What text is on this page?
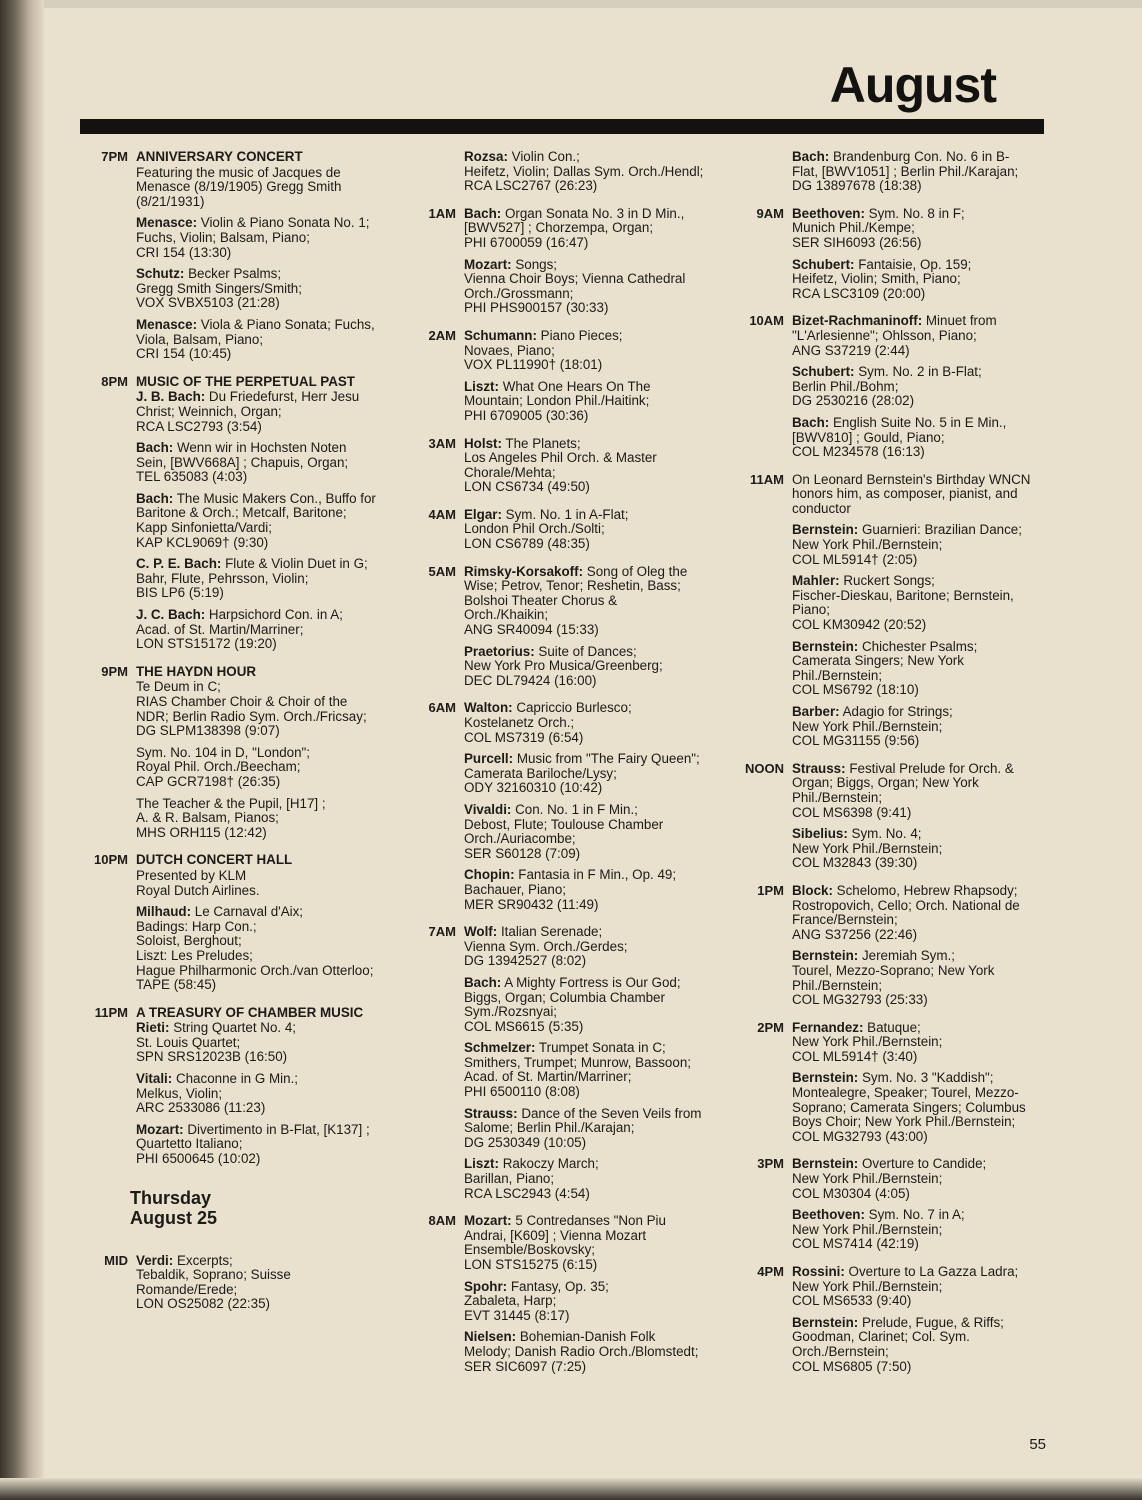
August
7PM ANNIVERSARY CONCERT
Featuring the music of Jacques de Menasce (8/19/1905) Gregg Smith (8/21/1931)
Menasce: Violin & Piano Sonata No. 1; Fuchs, Violin; Balsam, Piano;
CRI 154 (13:30)
Schutz: Becker Psalms;
Gregg Smith Singers/Smith;
VOX SVBX5103 (21:28)
Menasce: Viola & Piano Sonata; Fuchs, Viola, Balsam, Piano;
CRI 154 (10:45)
8PM MUSIC OF THE PERPETUAL PAST
J. B. Bach: Du Friedefurst, Herr Jesu Christ; Weinnich, Organ;
RCA LSC2793 (3:54)
Bach: Wenn wir in Hochsten Noten Sein, [BWV668A] ; Chapuis, Organ;
TEL 635083 (4:03)
Bach: The Music Makers Con., Buffo for Baritone & Orch.; Metcalf, Baritone; Kapp Sinfonietta/Vardi;
KAP KCL9069† (9:30)
C. P. E. Bach: Flute & Violin Duet in G; Bahr, Flute, Pehrsson, Violin;
BIS LP6 (5:19)
J. C. Bach: Harpsichord Con. in A; Acad. of St. Martin/Marriner;
LON STS15172 (19:20)
9PM THE HAYDN HOUR
Te Deum in C;
RIAS Chamber Choir & Choir of the NDR; Berlin Radio Sym. Orch./Fricsay;
DG SLPM138398 (9:07)
Sym. No. 104 in D, "London";
Royal Phil. Orch./Beecham;
CAP GCR7198† (26:35)
The Teacher & the Pupil, [H17] ;
A. & R. Balsam, Pianos;
MHS ORH115 (12:42)
10PM DUTCH CONCERT HALL
Presented by KLM
Royal Dutch Airlines.
Milhaud: Le Carnaval d'Aix;
Badings: Harp Con.;
Soloist, Berghout;
Liszt: Les Preludes;
Hague Philharmonic Orch./van Otterloo;
TAPE (58:45)
11PM A TREASURY OF CHAMBER MUSIC
Rieti: String Quartet No. 4;
St. Louis Quartet;
SPN SRS12023B (16:50)
Vitali: Chaconne in G Min.;
Melkus, Violin;
ARC 2533086 (11:23)
Mozart: Divertimento in B-Flat, [K137] ; Quartetto Italiano;
PHI 6500645 (10:02)
Thursday
August 25
MID Verdi: Excerpts;
Tebaldik, Soprano; Suisse Romande/Erede;
LON OS25082 (22:35)
Rozsa: Violin Con.;
Heifetz, Violin; Dallas Sym. Orch./Hendl;
RCA LSC2767 (26:23)
1AM Bach: Organ Sonata No. 3 in D Min., [BWV527] ; Chorzempa, Organ;
PHI 6700059 (16:47)
Mozart: Songs;
Vienna Choir Boys; Vienna Cathedral Orch./Grossmann;
PHI PHS900157 (30:33)
2AM Schumann: Piano Pieces;
Novaes, Piano;
VOX PL11990† (18:01)
Liszt: What One Hears On The Mountain; London Phil./Haitink;
PHI 6709005 (30:36)
3AM Holst: The Planets;
Los Angeles Phil Orch. & Master Chorale/Mehta;
LON CS6734 (49:50)
4AM Elgar: Sym. No. 1 in A-Flat;
London Phil Orch./Solti;
LON CS6789 (48:35)
5AM Rimsky-Korsakoff: Song of Oleg the Wise; Petrov, Tenor; Reshetin, Bass; Bolshoi Theater Chorus & Orch./Khaikin;
ANG SR40094 (15:33)
Praetorius: Suite of Dances;
New York Pro Musica/Greenberg;
DEC DL79424 (16:00)
6AM Walton: Capriccio Burlesco;
Kostelanetz Orch.;
COL MS7319 (6:54)
Purcell: Music from "The Fairy Queen"; Camerata Bariloche/Lysy;
ODY 32160310 (10:42)
Vivaldi: Con. No. 1 in F Min.;
Debost, Flute; Toulouse Chamber Orch./Auriacombe;
SER S60128 (7:09)
Chopin: Fantasia in F Min., Op. 49;
Bachauer, Piano;
MER SR90432 (11:49)
7AM Wolf: Italian Serenade;
Vienna Sym. Orch./Gerdes;
DG 13942527 (8:02)
Bach: A Mighty Fortress is Our God; Biggs, Organ; Columbia Chamber Sym./Rozsnyai;
COL MS6615 (5:35)
Schmelzer: Trumpet Sonata in C;
Smithers, Trumpet; Munrow, Bassoon; Acad. of St. Martin/Marriner;
PHI 6500110 (8:08)
Strauss: Dance of the Seven Veils from Salome; Berlin Phil./Karajan;
DG 2530349 (10:05)
Liszt: Rakoczy March;
Barillan, Piano;
RCA LSC2943 (4:54)
8AM Mozart: 5 Contredanses "Non Piu Andrai, [K609] ; Vienna Mozart Ensemble/Boskovsky;
LON STS15275 (6:15)
Spohr: Fantasy, Op. 35;
Zabaleta, Harp;
EVT 31445 (8:17)
Nielsen: Bohemian-Danish Folk Melody; Danish Radio Orch./Blomstedt;
SER SIC6097 (7:25)
Bach: Brandenburg Con. No. 6 in B-Flat, [BWV1051] ; Berlin Phil./Karajan;
DG 13897678 (18:38)
9AM Beethoven: Sym. No. 8 in F;
Munich Phil./Kempe;
SER SIH6093 (26:56)
Schubert: Fantaisie, Op. 159;
Heifetz, Violin; Smith, Piano;
RCA LSC3109 (20:00)
10AM Bizet-Rachmaninoff: Minuet from "L'Arlesienne"; Ohlsson, Piano;
ANG S37219 (2:44)
Schubert: Sym. No. 2 in B-Flat;
Berlin Phil./Bohm;
DG 2530216 (28:02)
Bach: English Suite No. 5 in E Min., [BWV810] ; Gould, Piano;
COL M234578 (16:13)
11AM On Leonard Bernstein's Birthday WNCN honors him, as composer, pianist, and conductor
Bernstein: Guarnieri: Brazilian Dance; New York Phil./Bernstein;
COL ML5914† (2:05)
Mahler: Ruckert Songs;
Fischer-Dieskau, Baritone; Bernstein, Piano;
COL KM30942 (20:52)
Bernstein: Chichester Psalms;
Camerata Singers; New York Phil./Bernstein;
COL MS6792 (18:10)
Barber: Adagio for Strings;
New York Phil./Bernstein;
COL MG31155 (9:56)
NOON Strauss: Festival Prelude for Orch. & Organ; Biggs, Organ; New York Phil./Bernstein;
COL MS6398 (9:41)
Sibelius: Sym. No. 4;
New York Phil./Bernstein;
COL M32843 (39:30)
1PM Block: Schelomo, Hebrew Rhapsody; Rostropovich, Cello; Orch. National de France/Bernstein;
ANG S37256 (22:46)
Bernstein: Jeremiah Sym.;
Tourel, Mezzo-Soprano; New York Phil./Bernstein;
COL MG32793 (25:33)
2PM Fernandez: Batuque;
New York Phil./Bernstein;
COL ML5914† (3:40)
Bernstein: Sym. No. 3 "Kaddish";
Montealegre, Speaker; Tourel, Mezzo-Soprano; Camerata Singers; Columbus Boys Choir; New York Phil./Bernstein;
COL MG32793 (43:00)
3PM Bernstein: Overture to Candide;
New York Phil./Bernstein;
COL M30304 (4:05)
Beethoven: Sym. No. 7 in A;
New York Phil./Bernstein;
COL MS7414 (42:19)
4PM Rossini: Overture to La Gazza Ladra; New York Phil./Bernstein;
COL MS6533 (9:40)
Bernstein: Prelude, Fugue, & Riffs; Goodman, Clarinet; Col. Sym. Orch./Bernstein;
COL MS6805 (7:50)
55
